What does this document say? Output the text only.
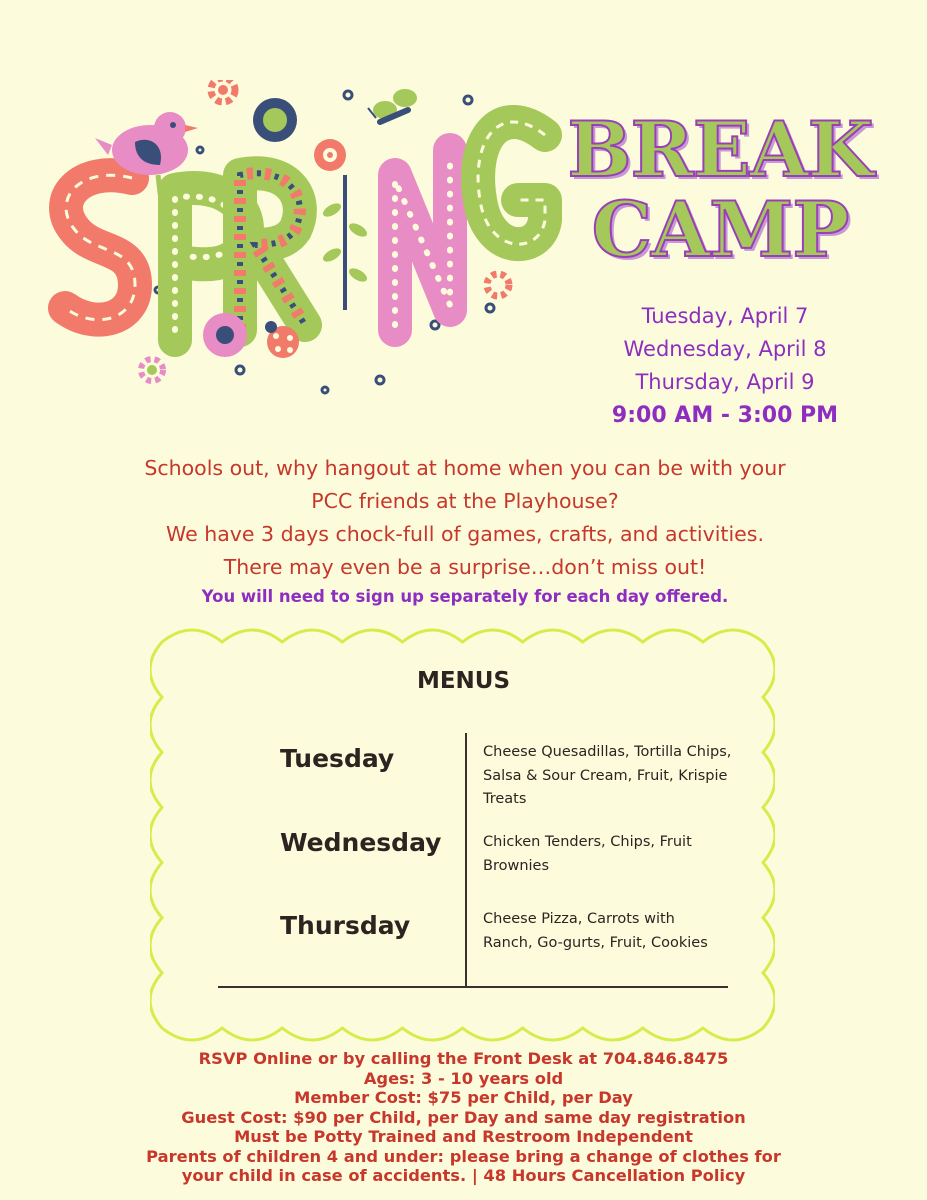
BREAK
CAMP
Tuesday, April 7
Wednesday, April 8
Thursday, April 9
9:00 AM - 3:00 PM
Schools out, why hangout at home when you can be with your
PCC friends at the Playhouse?
We have 3 days chock-full of games, crafts, and activities.
There may even be a surprise…don’t miss out!
You will need to sign up separately for each day offered.
MENUS
Tuesday	Cheese Quesadillas, Tortilla Chips, Salsa & Sour Cream, Fruit, Krispie Treats
Wednesday	Chicken Tenders, Chips, Fruit Brownies
Thursday	Cheese Pizza, Carrots with Ranch, Go-gurts, Fruit, Cookies
RSVP Online or by calling the Front Desk at 704.846.8475
Ages: 3 - 10 years old
Member Cost: $75 per Child, per Day
Guest Cost: $90 per Child, per Day and same day registration
Must be Potty Trained and Restroom Independent
Parents of children 4 and under: please bring a change of clothes for
your child in case of accidents. | 48 Hours Cancellation Policy
